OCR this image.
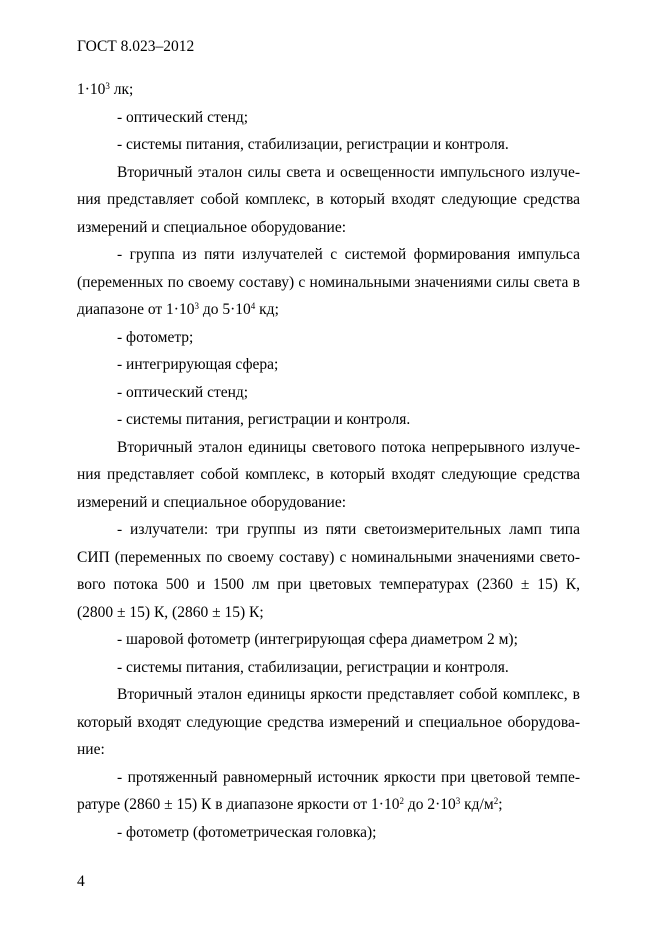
ГОСТ 8.023–2012
$1\cdot 10^3$ лк;
- оптический стенд;
- системы питания, стабилизации, регистрации и контроля.
Вторичный эталон силы света и освещенности импульсного излуче-
ния представляет собой комплекс, в который входят следующие средства
измерений и специальное оборудование:
- группа из пяти излучателей с системой формирования импульса
(переменных по своему составу) с номинальными значениями силы света в
диапазоне от $1\cdot 10^3$ до $5\cdot 10^4$ кд;
- фотометр;
- интегрирующая сфера;
- оптический стенд;
- системы питания, регистрации и контроля.
Вторичный эталон единицы светового потока непрерывного излуче-
ния представляет собой комплекс, в который входят следующие средства
измерений и специальное оборудование:
- излучатели: три группы из пяти светоизмерительных ламп типа
СИП (переменных по своему составу) с номинальными значениями свето-
вого потока 500 и 1500 лм при цветовых температурах (2360 ± 15) К,
(2800 ± 15) К, (2860 ± 15) К;
- шаровой фотометр (интегрирующая сфера диаметром 2 м);
- системы питания, стабилизации, регистрации и контроля.
Вторичный эталон единицы яркости представляет собой комплекс, в
который входят следующие средства измерений и специальное оборудова-
ние:
- протяженный равномерный источник яркости при цветовой темпе-
ратуре (2860 ± 15) К в диапазоне яркости от $1\cdot 10^2$ до $2\cdot 10^3$ $кд/м^2$;
- фотометр (фотометрическая головка);
4
